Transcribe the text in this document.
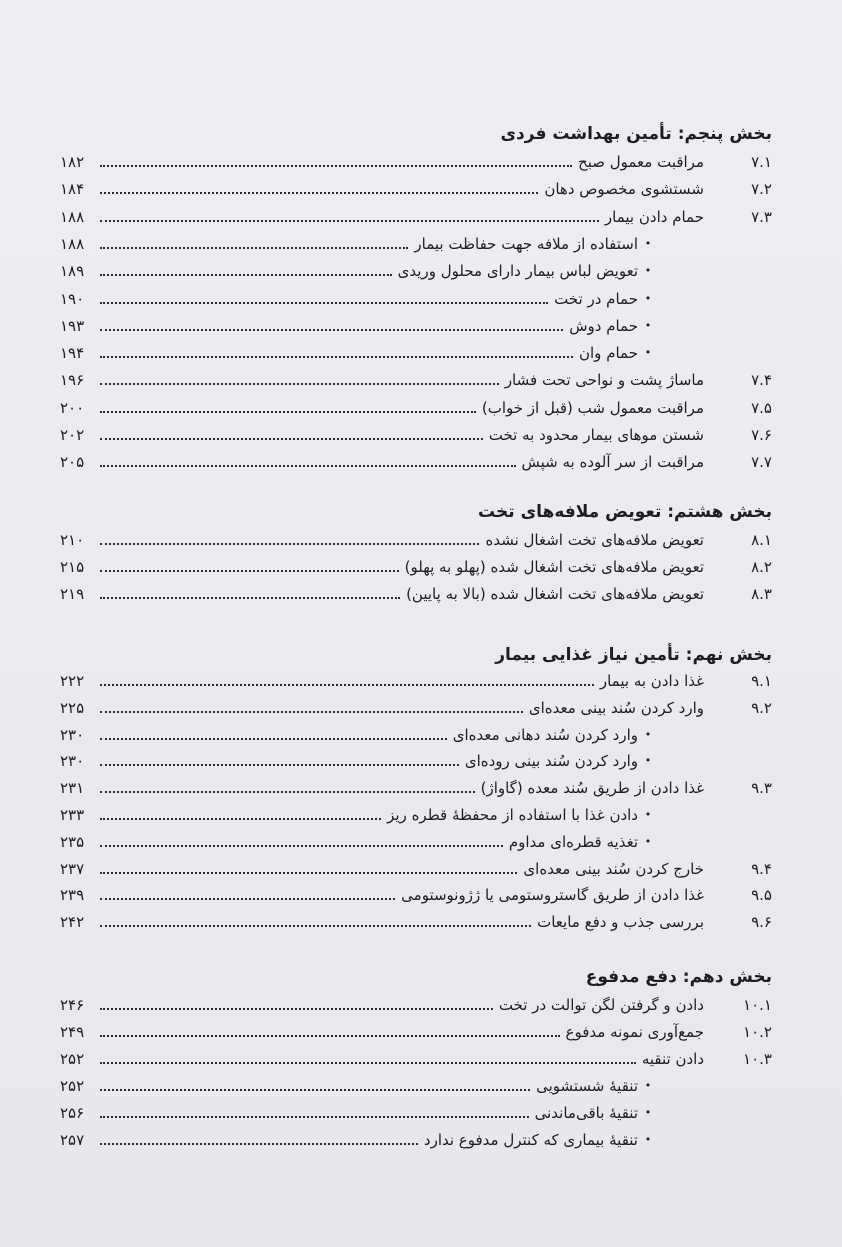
بخش پنجم: تأمین بهداشت فردی
۷.۱
مراقبت معمول صبح
۱۸۲
۷.۲
شستشوی مخصوص دهان
۱۸۴
۷.۳
حمام دادن بیمار
۱۸۸
•
استفاده از ملافه جهت حفاظت بیمار
۱۸۸
•
تعویض لباس بیمار دارای محلول وریدی
۱۸۹
•
حمام در تخت
۱۹۰
•
حمام دوش
۱۹۳
•
حمام وان
۱۹۴
۷.۴
ماساژ پشت و نواحی تحت فشار
۱۹۶
۷.۵
مراقبت معمول شب (قبل از خواب)
۲۰۰
۷.۶
شستن موهای بیمار محدود به تخت
۲۰۲
۷.۷
مراقبت از سر آلوده به شپش
۲۰۵
بخش هشتم: تعویض ملافه‌های تخت
۸.۱
تعویض ملافه‌های تخت اشغال نشده
۲۱۰
۸.۲
تعویض ملافه‌های تخت اشغال شده (پهلو به پهلو)
۲۱۵
۸.۳
تعویض ملافه‌های تخت اشغال شده (بالا به پایین)
۲۱۹
بخش نهم: تأمین نیاز غذایی بیمار
۹.۱
غذا دادن به بیمار
۲۲۲
۹.۲
وارد کردن سُند بینی معده‌ای
۲۲۵
•
وارد کردن سُند دهانی معده‌ای
۲۳۰
•
وارد کردن سُند بینی روده‌ای
۲۳۰
۹.۳
غذا دادن از طریق سُند معده (گاواژ)
۲۳۱
•
دادن غذا با استفاده از محفظهٔ قطره ریز
۲۳۳
•
تغذیه قطره‌ای مداوم
۲۳۵
۹.۴
خارج کردن سُند بینی معده‌ای
۲۳۷
۹.۵
غذا دادن از طریق گاستروستومی یا ژژونوستومی
۲۳۹
۹.۶
بررسی جذب و دفع مایعات
۲۴۲
بخش دهم: دفع مدفوع
۱۰.۱
دادن و گرفتن لگن توالت در تخت
۲۴۶
۱۰.۲
جمع‌آوری نمونه مدفوع
۲۴۹
۱۰.۳
دادن تنقیه
۲۵۲
•
تنقیهٔ شستشویی
۲۵۲
•
تنقیهٔ باقی‌ماندنی
۲۵۶
•
تنقیهٔ بیماری که کنترل مدفوع ندارد
۲۵۷
